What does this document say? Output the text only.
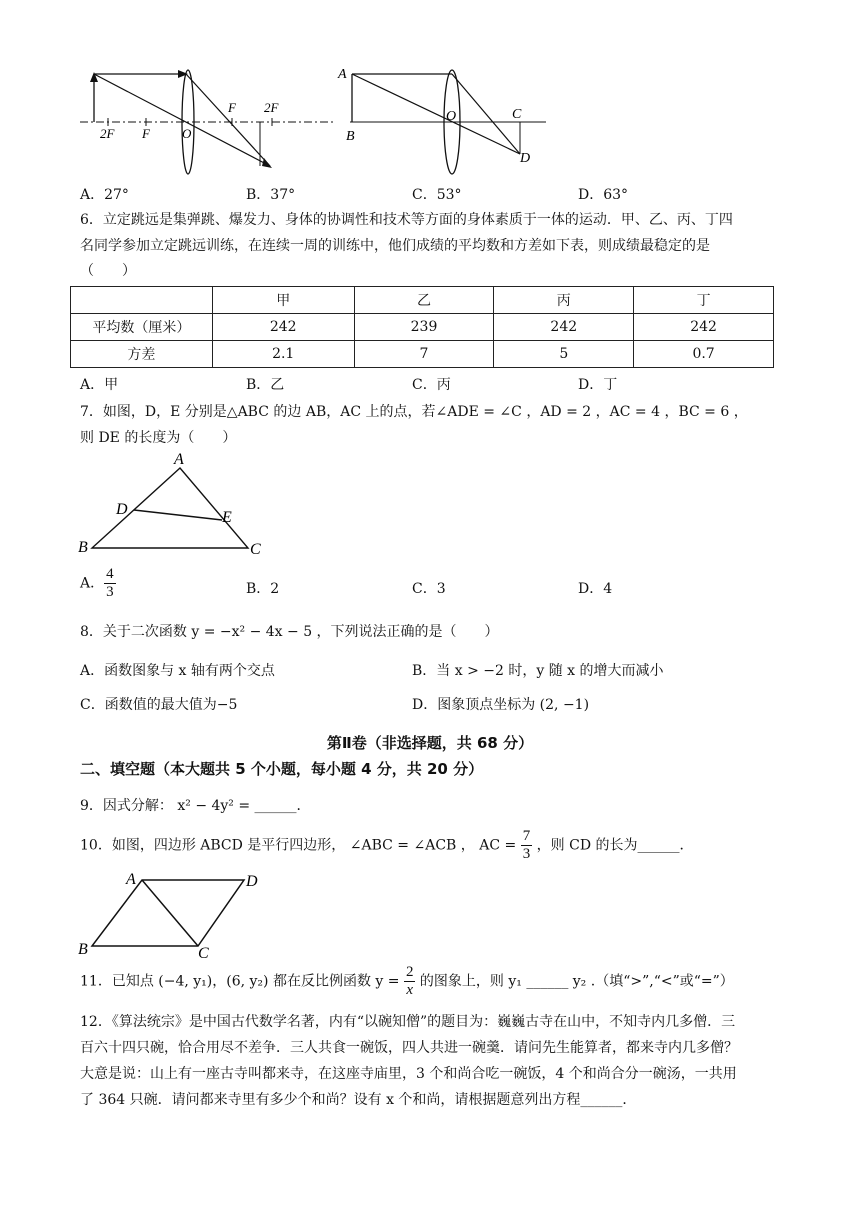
2F F O
F 2F
A
B
O	C
D
A．27°	B．37°	C．53°	D．63°
6．立定跳远是集弹跳、爆发力、身体的协调性和技术等方面的身体素质于一体的运动．甲、乙、丙、丁四
名同学参加立定跳远训练，在连续一周的训练中，他们成绩的平均数和方差如下表，则成绩最稳定的是
（　　）
	甲	乙	丙	丁
平均数（厘米）	242	239	242	242
方差	2.1	7	5	0.7
A．甲	B．乙	C．丙	D．丁
7．如图，D，E 分别是△ABC 的边 AB，AC 上的点，若∠ADE = ∠C ，AD = 2 ，AC = 4 ，BC = 6 ，
则 DE 的长度为（　　）
A
B	C
D	E
A． $\frac{4}{3}$	B．2	C．3	D．4
8．关于二次函数 y = −x² − 4x − 5 ，下列说法正确的是（　　）
A．函数图象与 x 轴有两个交点	B．当 x > −2 时，y 随 x 的增大而减小
C．函数值的最大值为−5	D．图象顶点坐标为 (2, −1)
第Ⅱ卷（非选择题，共 68 分）
二、填空题（本大题共 5 个小题，每小题 4 分，共 20 分）
9．因式分解： x² − 4y² = ______．
10．如图，四边形 ABCD 是平行四边形， ∠ABC = ∠ACB ， AC = $\frac{7}{3}$ ，则 CD 的长为______．
A	D
B	C
11．已知点 (−4, y₁)，(6, y₂) 都在反比例函数 $y = \frac{2}{x}$ 的图象上，则 y₁ ______ y₂ .（填“>”,“<”或“=”）
12．《算法统宗》是中国古代数学名著，内有“以碗知僧”的题目为：巍巍古寺在山中，不知寺内几多僧．三
百六十四只碗，恰合用尽不差争．三人共食一碗饭，四人共进一碗羹．请问先生能算者，都来寺内几多僧？
大意是说：山上有一座古寺叫都来寺，在这座寺庙里，3 个和尚合吃一碗饭，4 个和尚合分一碗汤，一共用
了 364 只碗．请问都来寺里有多少个和尚？设有 x 个和尚，请根据题意列出方程______．
